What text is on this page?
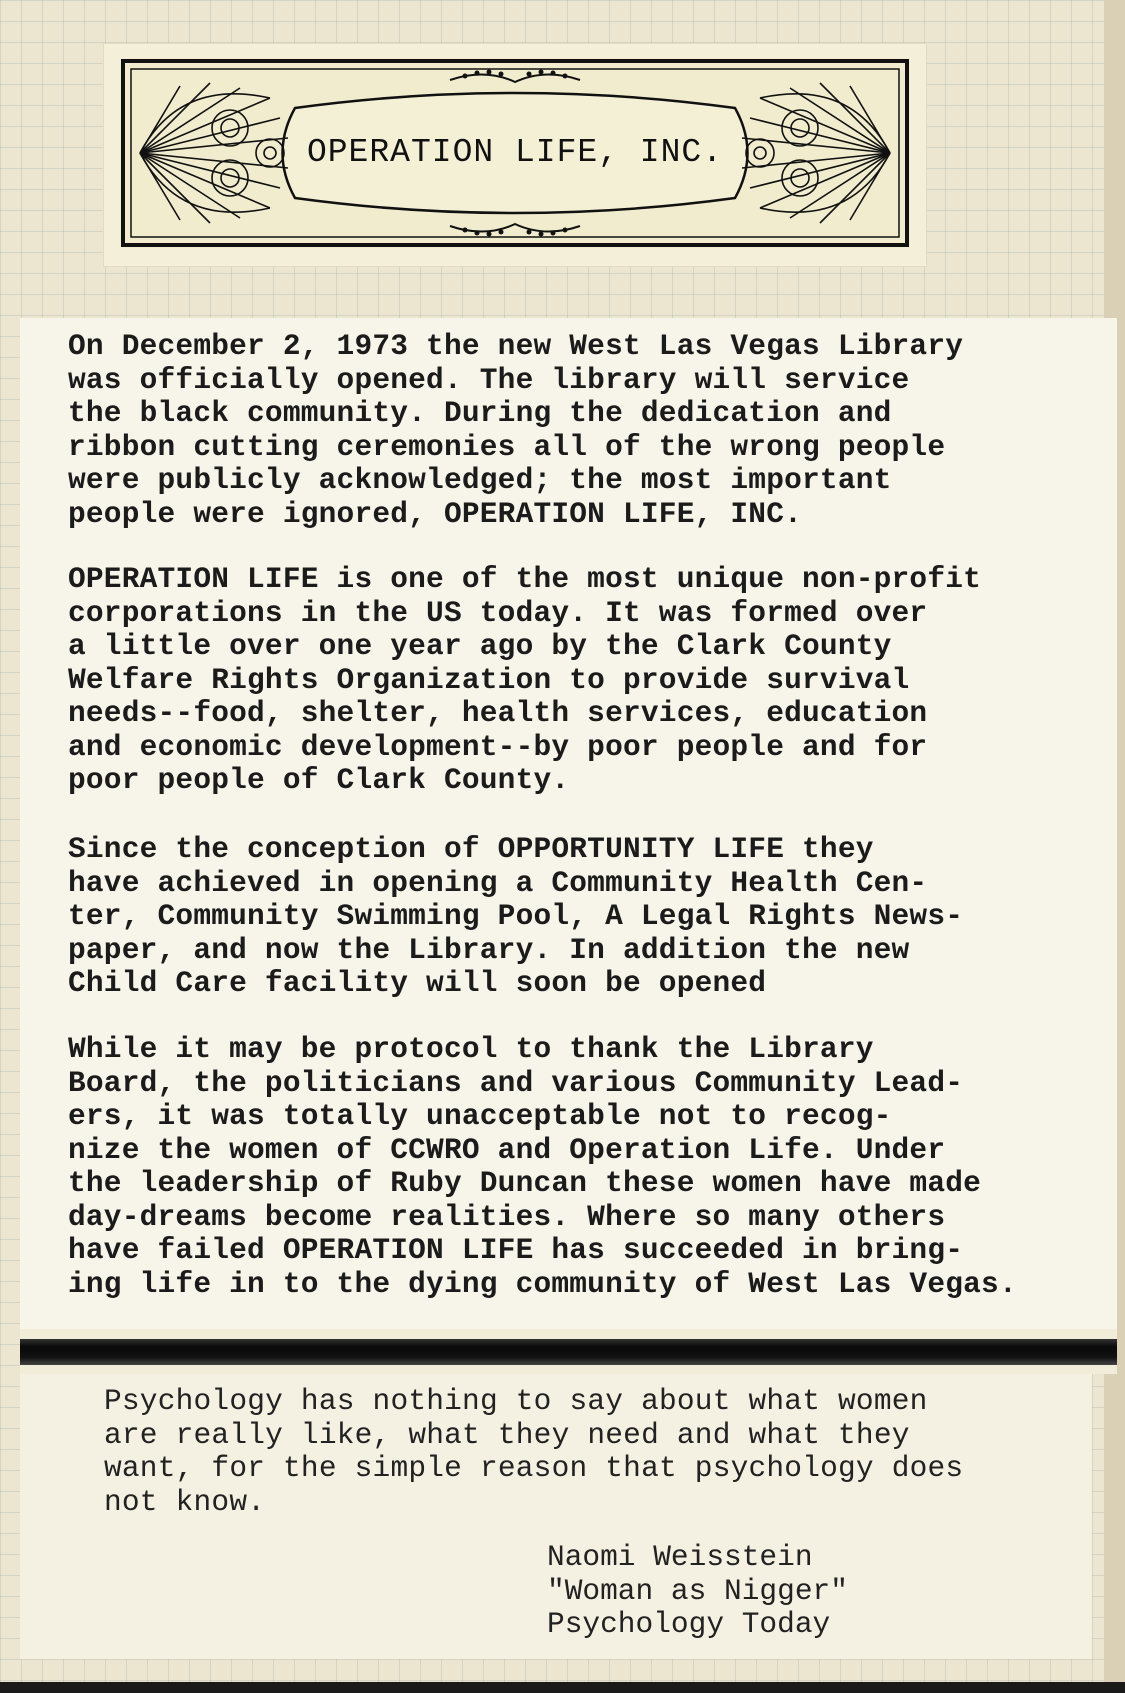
OPERATION LIFE, INC.
On December 2, 1973 the new West Las Vegas Library
was officially opened. The library will service
the black community. During the dedication and
ribbon cutting ceremonies all of the wrong people
were publicly acknowledged; the most important
people were ignored, OPERATION LIFE, INC.
OPERATION LIFE is one of the most unique non-profit
corporations in the US today. It was formed over
a little over one year ago by the Clark County
Welfare Rights Organization to provide survival
needs--food, shelter, health services, education
and economic development--by poor people and for
poor people of Clark County.
Since the conception of OPPORTUNITY LIFE they
have achieved in opening a Community Health Cen-
ter, Community Swimming Pool, A Legal Rights News-
paper, and now the Library. In addition the new
Child Care facility will soon be opened
While it may be protocol to thank the Library
Board, the politicians and various Community Lead-
ers, it was totally unacceptable not to recog-
nize the women of CCWRO and Operation Life. Under
the leadership of Ruby Duncan these women have made
day-dreams become realities. Where so many others
have failed OPERATION LIFE has succeeded in bring-
ing life in to the dying community of West Las Vegas.
Psychology has nothing to say about what women
are really like, what they need and what they
want, for the simple reason that psychology does
not know.
Naomi Weisstein
"Woman as Nigger"
Psychology Today
